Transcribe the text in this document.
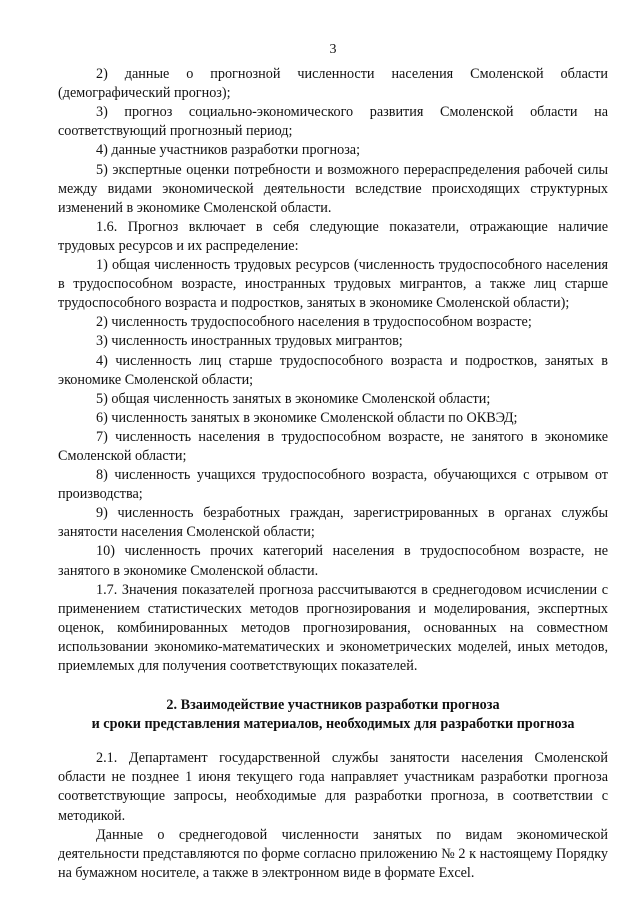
3

2) данные о прогнозной численности населения Смоленской области (демографический прогноз);

3) прогноз социально-экономического развития Смоленской области на соответствующий прогнозный период;

4) данные участников разработки прогноза;

5) экспертные оценки потребности и возможного перераспределения рабочей силы между видами экономической деятельности вследствие происходящих структурных изменений в экономике Смоленской области.

1.6. Прогноз включает в себя следующие показатели, отражающие наличие трудовых ресурсов и их распределение:

1) общая численность трудовых ресурсов (численность трудоспособного населения в трудоспособном возрасте, иностранных трудовых мигрантов, а также лиц старше трудоспособного возраста и подростков, занятых в экономике Смоленской области);

2) численность трудоспособного населения в трудоспособном возрасте;

3) численность иностранных трудовых мигрантов;

4) численность лиц старше трудоспособного возраста и подростков, занятых в экономике Смоленской области;

5) общая численность занятых в экономике Смоленской области;

6) численность занятых в экономике Смоленской области по ОКВЭД;

7) численность населения в трудоспособном возрасте, не занятого в экономике Смоленской области;

8) численность учащихся трудоспособного возраста, обучающихся с отрывом от производства;

9) численность безработных граждан, зарегистрированных в органах службы занятости населения Смоленской области;

10) численность прочих категорий населения в трудоспособном возрасте, не занятого в экономике Смоленской области.

1.7. Значения показателей прогноза рассчитываются в среднегодовом исчислении с применением статистических методов прогнозирования и моделирования, экспертных оценок, комбинированных методов прогнозирования, основанных на совместном использовании экономико-математических и эконометрических моделей, иных методов, приемлемых для получения соответствующих показателей.

2. Взаимодействие участников разработки прогноза
и сроки представления материалов, необходимых для разработки прогноза

2.1. Департамент государственной службы занятости населения Смоленской области не позднее 1 июня текущего года направляет участникам разработки прогноза соответствующие запросы, необходимые для разработки прогноза, в соответствии с методикой.

Данные о среднегодовой численности занятых по видам экономической деятельности представляются по форме согласно приложению № 2 к настоящему Порядку на бумажном носителе, а также в электронном виде в формате Excel.
